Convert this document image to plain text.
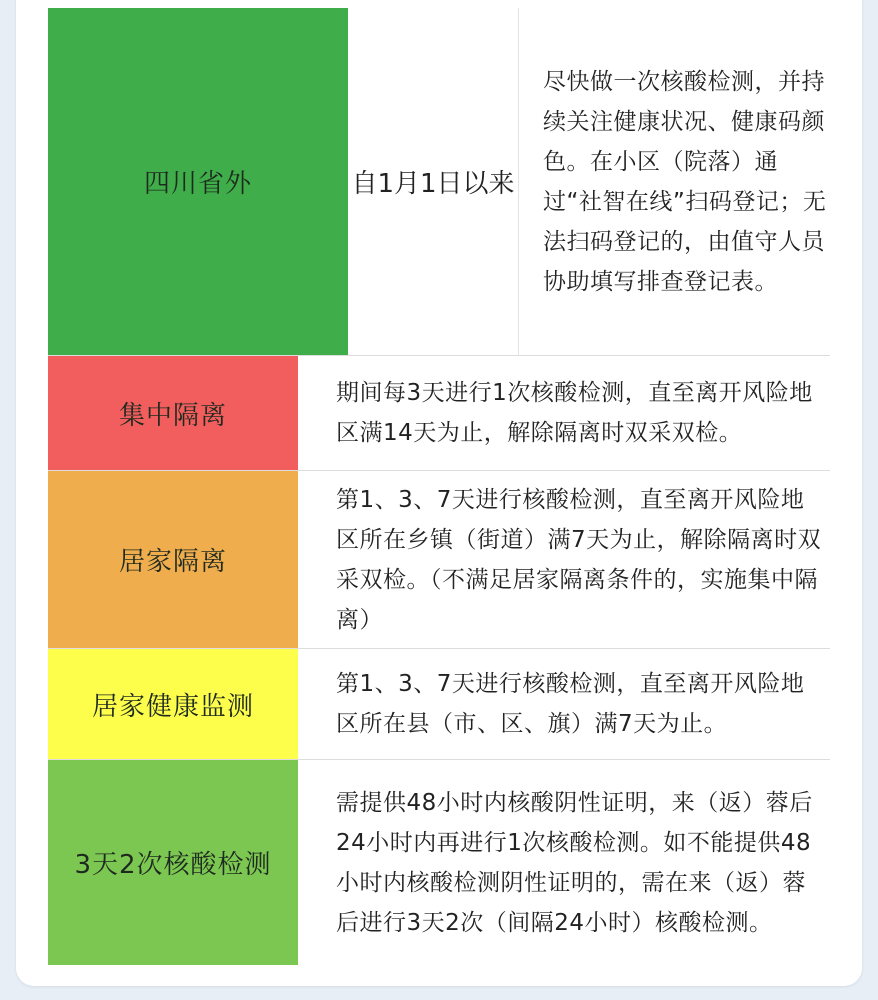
四川省外	自1月1日以来
尽快做一次核酸检测，并持续关注健康状况、健康码颜色。在小区（院落）通过“社智在线”扫码登记；无法扫码登记的，由值守人员协助填写排查登记表。
集中隔离
期间每3天进行1次核酸检测，直至离开风险地区满14天为止，解除隔离时双采双检。
居家隔离
第1、3、7天进行核酸检测，直至离开风险地区所在乡镇（街道）满7天为止，解除隔离时双采双检。（不满足居家隔离条件的，实施集中隔离）
居家健康监测
第1、3、7天进行核酸检测，直至离开风险地区所在县（市、区、旗）满7天为止。
3天2次核酸检测
需提供48小时内核酸阴性证明，来（返）蓉后24小时内再进行1次核酸检测。如不能提供48小时内核酸检测阴性证明的，需在来（返）蓉后进行3天2次（间隔24小时）核酸检测。
